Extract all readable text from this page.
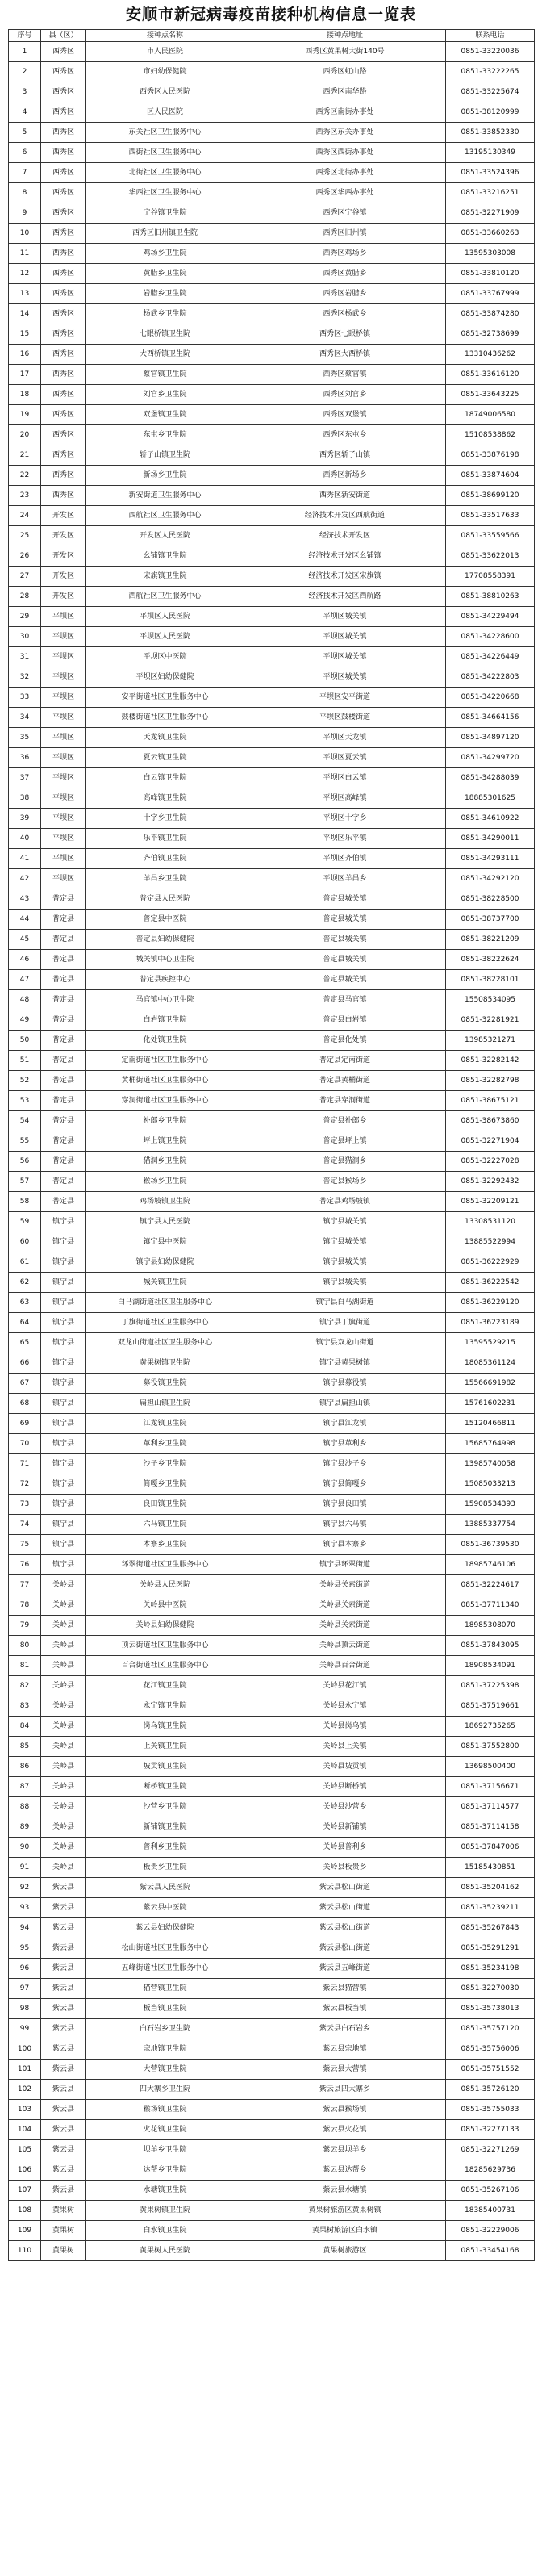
安顺市新冠病毒疫苗接种机构信息一览表
序号	县（区）	接种点名称	接种点地址	联系电话
1	西秀区	市人民医院	西秀区黄果树大街140号	0851-33220036
2	西秀区	市妇幼保健院	西秀区虹山路	0851-33222265
3	西秀区	西秀区人民医院	西秀区南华路	0851-33225674
4	西秀区	区人民医院	西秀区南街办事处	0851-38120999
5	西秀区	东关社区卫生服务中心	西秀区东关办事处	0851-33852330
6	西秀区	西街社区卫生服务中心	西秀区西街办事处	13195130349
7	西秀区	北街社区卫生服务中心	西秀区北街办事处	0851-33524396
8	西秀区	华西社区卫生服务中心	西秀区华西办事处	0851-33216251
9	西秀区	宁谷镇卫生院	西秀区宁谷镇	0851-32271909
10	西秀区	西秀区旧州镇卫生院	西秀区旧州镇	0851-33660263
11	西秀区	鸡场乡卫生院	西秀区鸡场乡	13595303008
12	西秀区	黄腊乡卫生院	西秀区黄腊乡	0851-33810120
13	西秀区	岩腊乡卫生院	西秀区岩腊乡	0851-33767999
14	西秀区	杨武乡卫生院	西秀区杨武乡	0851-33874280
15	西秀区	七眼桥镇卫生院	西秀区七眼桥镇	0851-32738699
16	西秀区	大西桥镇卫生院	西秀区大西桥镇	13310436262
17	西秀区	蔡官镇卫生院	西秀区蔡官镇	0851-33616120
18	西秀区	刘官乡卫生院	西秀区刘官乡	0851-33643225
19	西秀区	双堡镇卫生院	西秀区双堡镇	18749006580
20	西秀区	东屯乡卫生院	西秀区东屯乡	15108538862
21	西秀区	轿子山镇卫生院	西秀区轿子山镇	0851-33876198
22	西秀区	新场乡卫生院	西秀区新场乡	0851-33874604
23	西秀区	新安街道卫生服务中心	西秀区新安街道	0851-38699120
24	开发区	西航社区卫生服务中心	经济技术开发区西航街道	0851-33517633
25	开发区	开发区人民医院	经济技术开发区	0851-33559566
26	开发区	幺铺镇卫生院	经济技术开发区幺铺镇	0851-33622013
27	开发区	宋旗镇卫生院	经济技术开发区宋旗镇	17708558391
28	开发区	西航社区卫生服务中心	经济技术开发区西航路	0851-38810263
29	平坝区	平坝区人民医院	平坝区城关镇	0851-34229494
30	平坝区	平坝区人民医院	平坝区城关镇	0851-34228600
31	平坝区	平坝区中医院	平坝区城关镇	0851-34226449
32	平坝区	平坝区妇幼保健院	平坝区城关镇	0851-34222803
33	平坝区	安平街道社区卫生服务中心	平坝区安平街道	0851-34220668
34	平坝区	鼓楼街道社区卫生服务中心	平坝区鼓楼街道	0851-34664156
35	平坝区	天龙镇卫生院	平坝区天龙镇	0851-34897120
36	平坝区	夏云镇卫生院	平坝区夏云镇	0851-34299720
37	平坝区	白云镇卫生院	平坝区白云镇	0851-34288039
38	平坝区	高峰镇卫生院	平坝区高峰镇	18885301625
39	平坝区	十字乡卫生院	平坝区十字乡	0851-34610922
40	平坝区	乐平镇卫生院	平坝区乐平镇	0851-34290011
41	平坝区	齐伯镇卫生院	平坝区齐伯镇	0851-34293111
42	平坝区	羊昌乡卫生院	平坝区羊昌乡	0851-34292120
43	普定县	普定县人民医院	普定县城关镇	0851-38228500
44	普定县	普定县中医院	普定县城关镇	0851-38737700
45	普定县	普定县妇幼保健院	普定县城关镇	0851-38221209
46	普定县	城关镇中心卫生院	普定县城关镇	0851-38222624
47	普定县	普定县疾控中心	普定县城关镇	0851-38228101
48	普定县	马官镇中心卫生院	普定县马官镇	15508534095
49	普定县	白岩镇卫生院	普定县白岩镇	0851-32281921
50	普定县	化处镇卫生院	普定县化处镇	13985321271
51	普定县	定南街道社区卫生服务中心	普定县定南街道	0851-32282142
52	普定县	黄桶街道社区卫生服务中心	普定县黄桶街道	0851-32282798
53	普定县	穿洞街道社区卫生服务中心	普定县穿洞街道	0851-38675121
54	普定县	补郎乡卫生院	普定县补郎乡	0851-38673860
55	普定县	坪上镇卫生院	普定县坪上镇	0851-32271904
56	普定县	猫洞乡卫生院	普定县猫洞乡	0851-32227028
57	普定县	猴场乡卫生院	普定县猴场乡	0851-32292432
58	普定县	鸡场坡镇卫生院	普定县鸡场坡镇	0851-32209121
59	镇宁县	镇宁县人民医院	镇宁县城关镇	13308531120
60	镇宁县	镇宁县中医院	镇宁县城关镇	13885522994
61	镇宁县	镇宁县妇幼保健院	镇宁县城关镇	0851-36222929
62	镇宁县	城关镇卫生院	镇宁县城关镇	0851-36222542
63	镇宁县	白马湖街道社区卫生服务中心	镇宁县白马湖街道	0851-36229120
64	镇宁县	丁旗街道社区卫生服务中心	镇宁县丁旗街道	0851-36223189
65	镇宁县	双龙山街道社区卫生服务中心	镇宁县双龙山街道	13595529215
66	镇宁县	黄果树镇卫生院	镇宁县黄果树镇	18085361124
67	镇宁县	募役镇卫生院	镇宁县募役镇	15566691982
68	镇宁县	扁担山镇卫生院	镇宁县扁担山镇	15761602231
69	镇宁县	江龙镇卫生院	镇宁县江龙镇	15120466811
70	镇宁县	革利乡卫生院	镇宁县革利乡	15685764998
71	镇宁县	沙子乡卫生院	镇宁县沙子乡	13985740058
72	镇宁县	简嘎乡卫生院	镇宁县简嘎乡	15085033213
73	镇宁县	良田镇卫生院	镇宁县良田镇	15908534393
74	镇宁县	六马镇卫生院	镇宁县六马镇	13885337754
75	镇宁县	本寨乡卫生院	镇宁县本寨乡	0851-36739530
76	镇宁县	环翠街道社区卫生服务中心	镇宁县环翠街道	18985746106
77	关岭县	关岭县人民医院	关岭县关索街道	0851-32224617
78	关岭县	关岭县中医院	关岭县关索街道	0851-37711340
79	关岭县	关岭县妇幼保健院	关岭县关索街道	18985308070
80	关岭县	顶云街道社区卫生服务中心	关岭县顶云街道	0851-37843095
81	关岭县	百合街道社区卫生服务中心	关岭县百合街道	18908534091
82	关岭县	花江镇卫生院	关岭县花江镇	0851-37225398
83	关岭县	永宁镇卫生院	关岭县永宁镇	0851-37519661
84	关岭县	岗乌镇卫生院	关岭县岗乌镇	18692735265
85	关岭县	上关镇卫生院	关岭县上关镇	0851-37552800
86	关岭县	坡贡镇卫生院	关岭县坡贡镇	13698500400
87	关岭县	断桥镇卫生院	关岭县断桥镇	0851-37156671
88	关岭县	沙营乡卫生院	关岭县沙营乡	0851-37114577
89	关岭县	新铺镇卫生院	关岭县新铺镇	0851-37114158
90	关岭县	普利乡卫生院	关岭县普利乡	0851-37847006
91	关岭县	板贵乡卫生院	关岭县板贵乡	15185430851
92	紫云县	紫云县人民医院	紫云县松山街道	0851-35204162
93	紫云县	紫云县中医院	紫云县松山街道	0851-35239211
94	紫云县	紫云县妇幼保健院	紫云县松山街道	0851-35267843
95	紫云县	松山街道社区卫生服务中心	紫云县松山街道	0851-35291291
96	紫云县	五峰街道社区卫生服务中心	紫云县五峰街道	0851-35234198
97	紫云县	猫营镇卫生院	紫云县猫营镇	0851-32270030
98	紫云县	板当镇卫生院	紫云县板当镇	0851-35738013
99	紫云县	白石岩乡卫生院	紫云县白石岩乡	0851-35757120
100	紫云县	宗地镇卫生院	紫云县宗地镇	0851-35756006
101	紫云县	大营镇卫生院	紫云县大营镇	0851-35751552
102	紫云县	四大寨乡卫生院	紫云县四大寨乡	0851-35726120
103	紫云县	猴场镇卫生院	紫云县猴场镇	0851-35755033
104	紫云县	火花镇卫生院	紫云县火花镇	0851-32277133
105	紫云县	坝羊乡卫生院	紫云县坝羊乡	0851-32271269
106	紫云县	达帮乡卫生院	紫云县达帮乡	18285629736
107	紫云县	水塘镇卫生院	紫云县水塘镇	0851-35267106
108	黄果树	黄果树镇卫生院	黄果树旅游区黄果树镇	18385400731
109	黄果树	白水镇卫生院	黄果树旅游区白水镇	0851-32229006
110	黄果树	黄果树人民医院	黄果树旅游区	0851-33454168
